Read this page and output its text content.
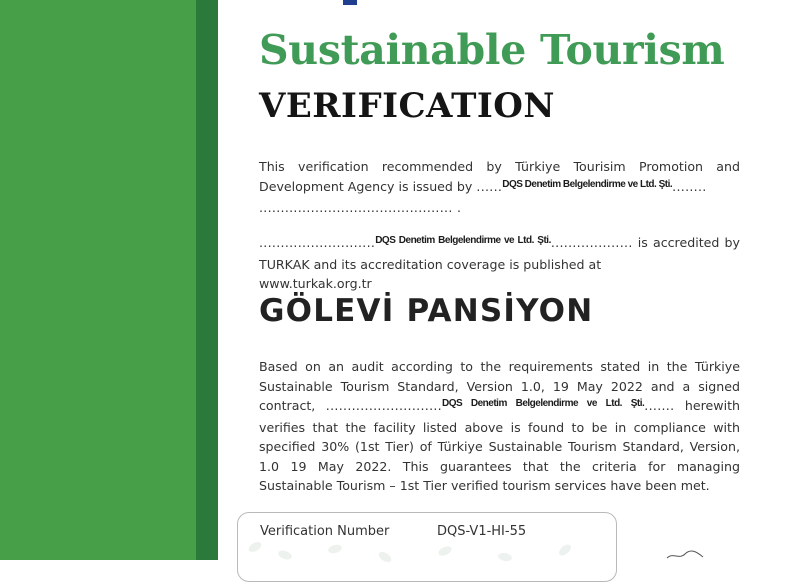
Sustainable Tourism
VERIFICATION

This verification recommended by Türkiye Tourisim Promotion and Development Agency is issued by ......$^{DQS Denetim Belgelendirme ve Ltd. Şti.}$........
............................................. .

...........................$^{DQS Denetim Belgelendirme ve Ltd. Şti.}$................... is accredited by TURKAK and its accreditation coverage is published at
www.turkak.org.tr

GÖLEVİ PANSİYON

Based on an audit according to the requirements stated in the Türkiye Sustainable Tourism Standard, Version 1.0, 19 May 2022 and a signed contract, ...........................$^{DQS Denetim Belgelendirme ve Ltd. Şti.}$....... herewith verifies that the facility listed above is found to be in compliance with specified 30% (1st Tier) of Türkiye Sustainable Tourism Standard, Version, 1.0 19 May 2022. This guarantees that the criteria for managing Sustainable Tourism – 1st Tier verified tourism services have been met.

Verification Number	DQS-V1-HI-55
